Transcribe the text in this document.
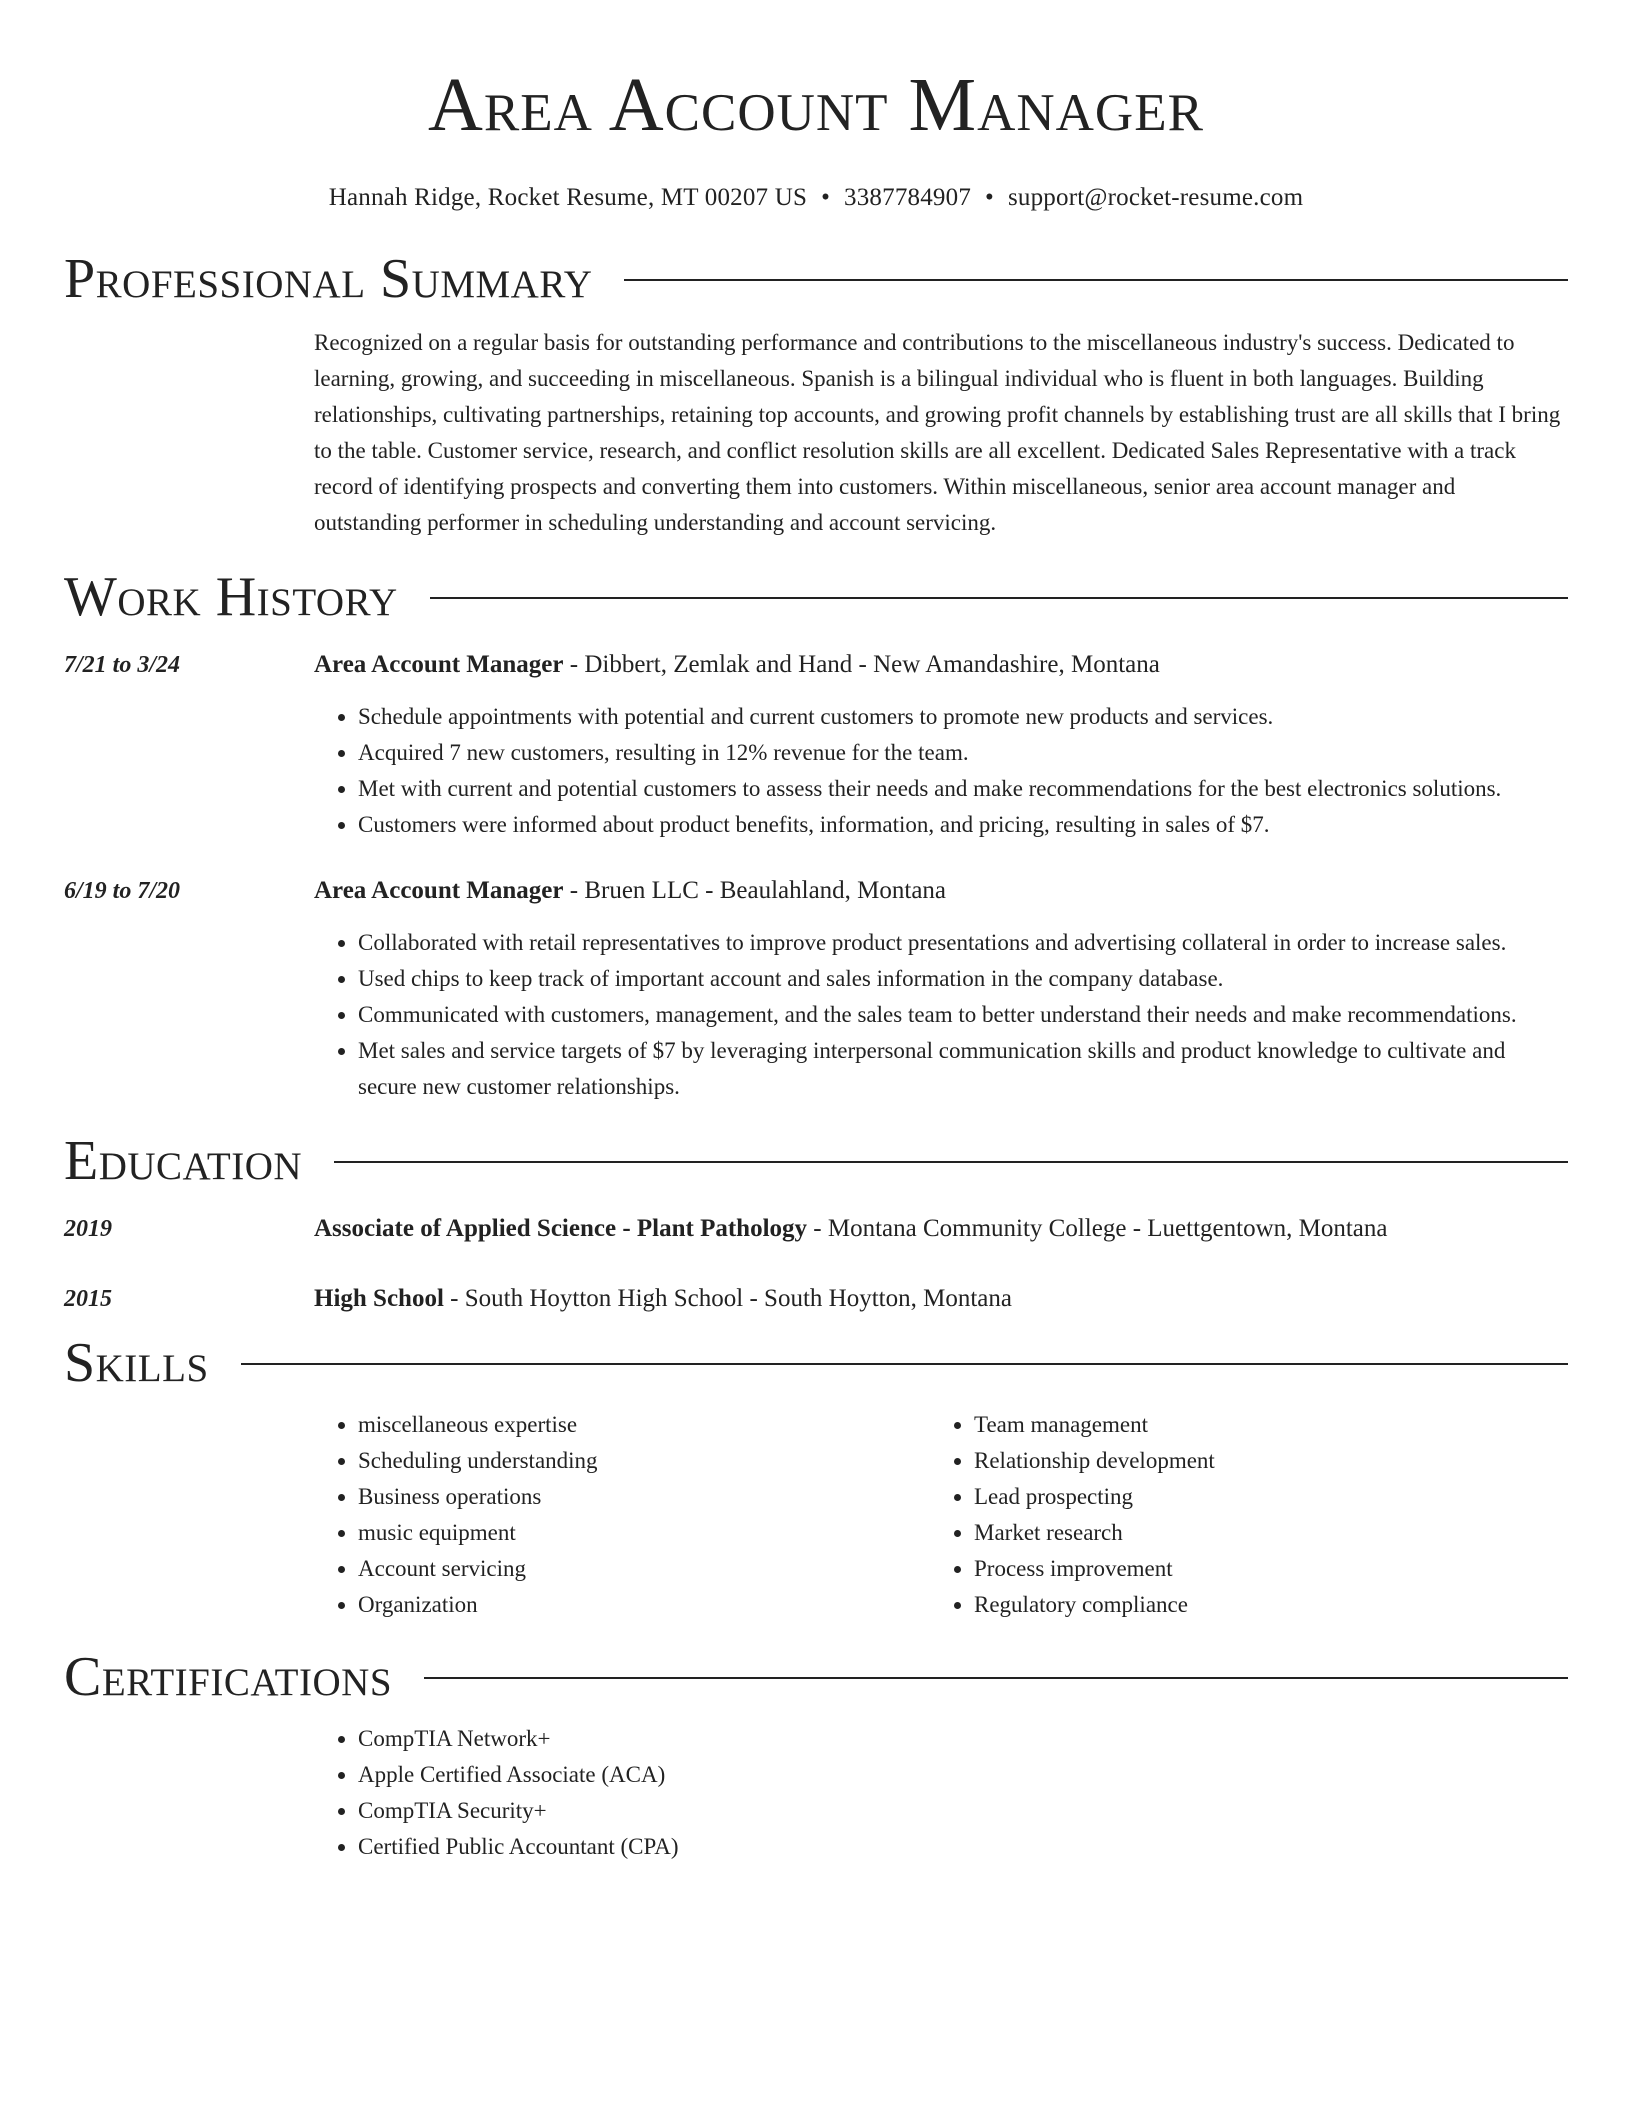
Area Account Manager
Hannah Ridge, Rocket Resume, MT 00207 US • 3387784907 • support@rocket-resume.com
Professional Summary
Recognized on a regular basis for outstanding performance and contributions to the miscellaneous industry's success. Dedicated to learning, growing, and succeeding in miscellaneous. Spanish is a bilingual individual who is fluent in both languages. Building relationships, cultivating partnerships, retaining top accounts, and growing profit channels by establishing trust are all skills that I bring to the table. Customer service, research, and conflict resolution skills are all excellent. Dedicated Sales Representative with a track record of identifying prospects and converting them into customers. Within miscellaneous, senior area account manager and outstanding performer in scheduling understanding and account servicing.
Work History
7/21 to 3/24	Area Account Manager - Dibbert, Zemlak and Hand - New Amandashire, Montana
• Schedule appointments with potential and current customers to promote new products and services.
• Acquired 7 new customers, resulting in 12% revenue for the team.
• Met with current and potential customers to assess their needs and make recommendations for the best electronics solutions.
• Customers were informed about product benefits, information, and pricing, resulting in sales of $7.
6/19 to 7/20	Area Account Manager - Bruen LLC - Beaulahland, Montana
• Collaborated with retail representatives to improve product presentations and advertising collateral in order to increase sales.
• Used chips to keep track of important account and sales information in the company database.
• Communicated with customers, management, and the sales team to better understand their needs and make recommendations.
• Met sales and service targets of $7 by leveraging interpersonal communication skills and product knowledge to cultivate and secure new customer relationships.
Education
2019	Associate of Applied Science - Plant Pathology - Montana Community College - Luettgentown, Montana
2015	High School - South Hoytton High School - South Hoytton, Montana
Skills
• miscellaneous expertise
• Scheduling understanding
• Business operations
• music equipment
• Account servicing
• Organization
• Team management
• Relationship development
• Lead prospecting
• Market research
• Process improvement
• Regulatory compliance
Certifications
• CompTIA Network+
• Apple Certified Associate (ACA)
• CompTIA Security+
• Certified Public Accountant (CPA)
